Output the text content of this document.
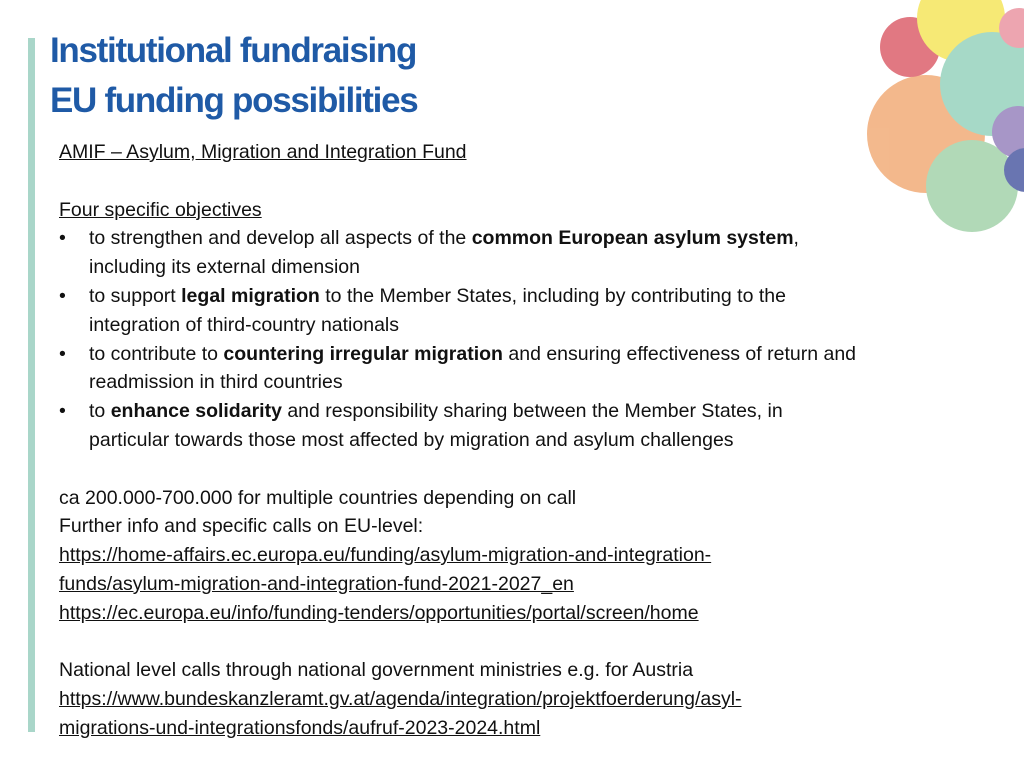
Institutional fundraising
EU funding possibilities
AMIF – Asylum, Migration and Integration Fund
Four specific objectives
• to strengthen and develop all aspects of the common European asylum system,
including its external dimension
• to support legal migration to the Member States, including by contributing to the
integration of third-country nationals
• to contribute to countering irregular migration and ensuring effectiveness of return and
readmission in third countries
• to enhance solidarity and responsibility sharing between the Member States, in
particular towards those most affected by migration and asylum challenges
ca 200.000-700.000 for multiple countries depending on call
Further info and specific calls on EU-level:
https://home-affairs.ec.europa.eu/funding/asylum-migration-and-integration-
funds/asylum-migration-and-integration-fund-2021-2027_en
https://ec.europa.eu/info/funding-tenders/opportunities/portal/screen/home
National level calls through national government ministries e.g. for Austria
https://www.bundeskanzleramt.gv.at/agenda/integration/projektfoerderung/asyl-
migrations-und-integrationsfonds/aufruf-2023-2024.html
